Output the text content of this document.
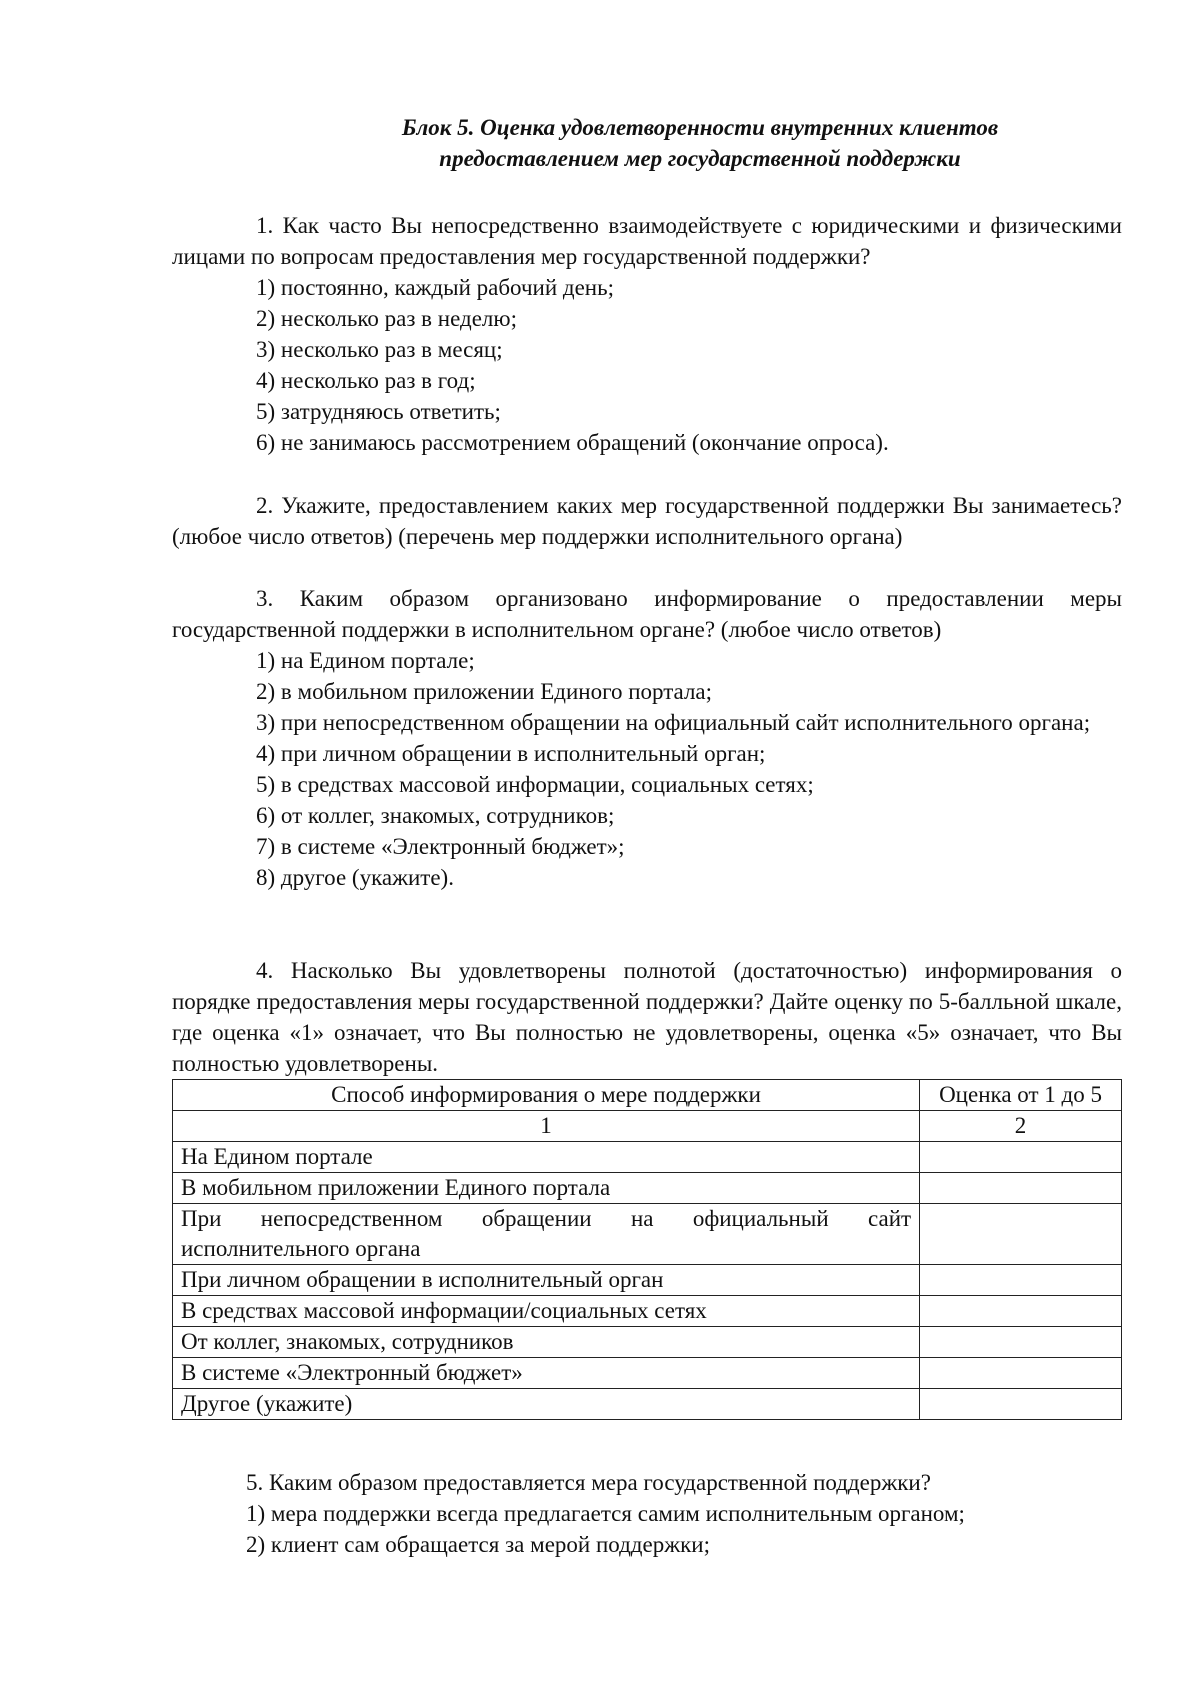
Блок 5. Оценка удовлетворенности внутренних клиентов
предоставлением мер государственной поддержки

1. Как часто Вы непосредственно взаимодействуете с юридическими и физическими лицами по вопросам предоставления мер государственной поддержки?

1) постоянно, каждый рабочий день;

2) несколько раз в неделю;

3) несколько раз в месяц;

4) несколько раз в год;

5) затрудняюсь ответить;

6) не занимаюсь рассмотрением обращений (окончание опроса).

2. Укажите, предоставлением каких мер государственной поддержки Вы занимаетесь? (любое число ответов) (перечень мер поддержки исполнительного органа)

3. Каким образом организовано информирование о предоставлении меры государственной поддержки в исполнительном органе? (любое число ответов)

1) на Едином портале;

2) в мобильном приложении Единого портала;

3) при непосредственном обращении на официальный сайт исполнительного органа;

4) при личном обращении в исполнительный орган;

5) в средствах массовой информации, социальных сетях;

6) от коллег, знакомых, сотрудников;

7) в системе «Электронный бюджет»;

8) другое (укажите).

4. Насколько Вы удовлетворены полнотой (достаточностью) информирования о порядке предоставления меры государственной поддержки? Дайте оценку по 5-балльной шкале, где оценка «1» означает, что Вы полностью не удовлетворены, оценка «5» означает, что Вы полностью удовлетворены.

Способ информирования о мере поддержки	Оценка от 1 до 5
1	2
На Едином портале	
В мобильном приложении Единого портала	
При непосредственном обращении на официальный сайт исполнительного органа	
При личном обращении в исполнительный орган	
В средствах массовой информации/социальных сетях	
От коллег, знакомых, сотрудников	
В системе «Электронный бюджет»	
Другое (укажите)	

5. Каким образом предоставляется мера государственной поддержки?

1) мера поддержки всегда предлагается самим исполнительным органом;

2) клиент сам обращается за мерой поддержки;
